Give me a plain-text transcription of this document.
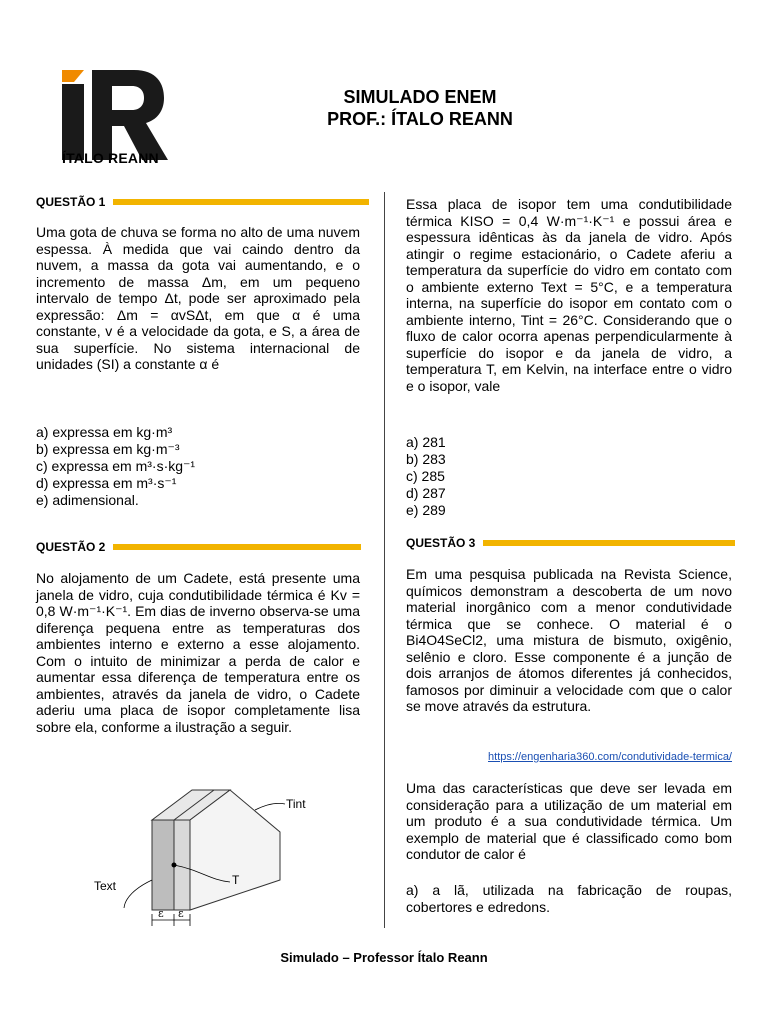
ÍTALO REANN
SIMULADO ENEM
PROF.: ÍTALO REANN
QUESTÃO 1
Uma gota de chuva se forma no alto de uma nuvem espessa. À medida que vai caindo dentro da nuvem, a massa da gota vai aumentando, e o incremento de massa Δm, em um pequeno intervalo de tempo Δt, pode ser aproximado pela expressão: Δm = αvSΔt, em que α é uma constante, v é a velocidade da gota, e S, a área de sua superfície. No sistema internacional de unidades (SI) a constante α é
a) expressa em kg·m³
b) expressa em kg·m⁻³
c) expressa em m³·s·kg⁻¹
d) expressa em m³·s⁻¹
e) adimensional.
QUESTÃO 2
No alojamento de um Cadete, está presente uma janela de vidro, cuja condutibilidade térmica é Kv = 0,8 W·m⁻¹·K⁻¹. Em dias de inverno observa-se uma diferença pequena entre as temperaturas dos ambientes interno e externo a esse alojamento. Com o intuito de minimizar a perda de calor e aumentar essa diferença de temperatura entre os ambientes, através da janela de vidro, o Cadete aderiu uma placa de isopor completamente lisa sobre ela, conforme a ilustração a seguir.
Tint
T
Text
ε ε
Essa placa de isopor tem uma condutibilidade térmica KISO = 0,4 W·m⁻¹·K⁻¹ e possui área e espessura idênticas às da janela de vidro. Após atingir o regime estacionário, o Cadete aferiu a temperatura da superfície do vidro em contato com o ambiente externo Text = 5°C, e a temperatura interna, na superfície do isopor em contato com o ambiente interno, Tint = 26°C. Considerando que o fluxo de calor ocorra apenas perpendicularmente à superfície do isopor e da janela de vidro, a temperatura T, em Kelvin, na interface entre o vidro e o isopor, vale
a) 281
b) 283
c) 285
d) 287
e) 289
QUESTÃO 3
Em uma pesquisa publicada na Revista Science, químicos demonstram a descoberta de um novo material inorgânico com a menor condutividade térmica que se conhece. O material é o Bi4O4SeCl2, uma mistura de bismuto, oxigênio, selênio e cloro. Esse componente é a junção de dois arranjos de átomos diferentes já conhecidos, famosos por diminuir a velocidade com que o calor se move através da estrutura.
https://engenharia360.com/condutividade-termica/
Uma das características que deve ser levada em consideração para a utilização de um material em um produto é a sua condutividade térmica. Um exemplo de material que é classificado como bom condutor de calor é
a) a lã, utilizada na fabricação de roupas, cobertores e edredons.
Simulado – Professor Ítalo Reann
